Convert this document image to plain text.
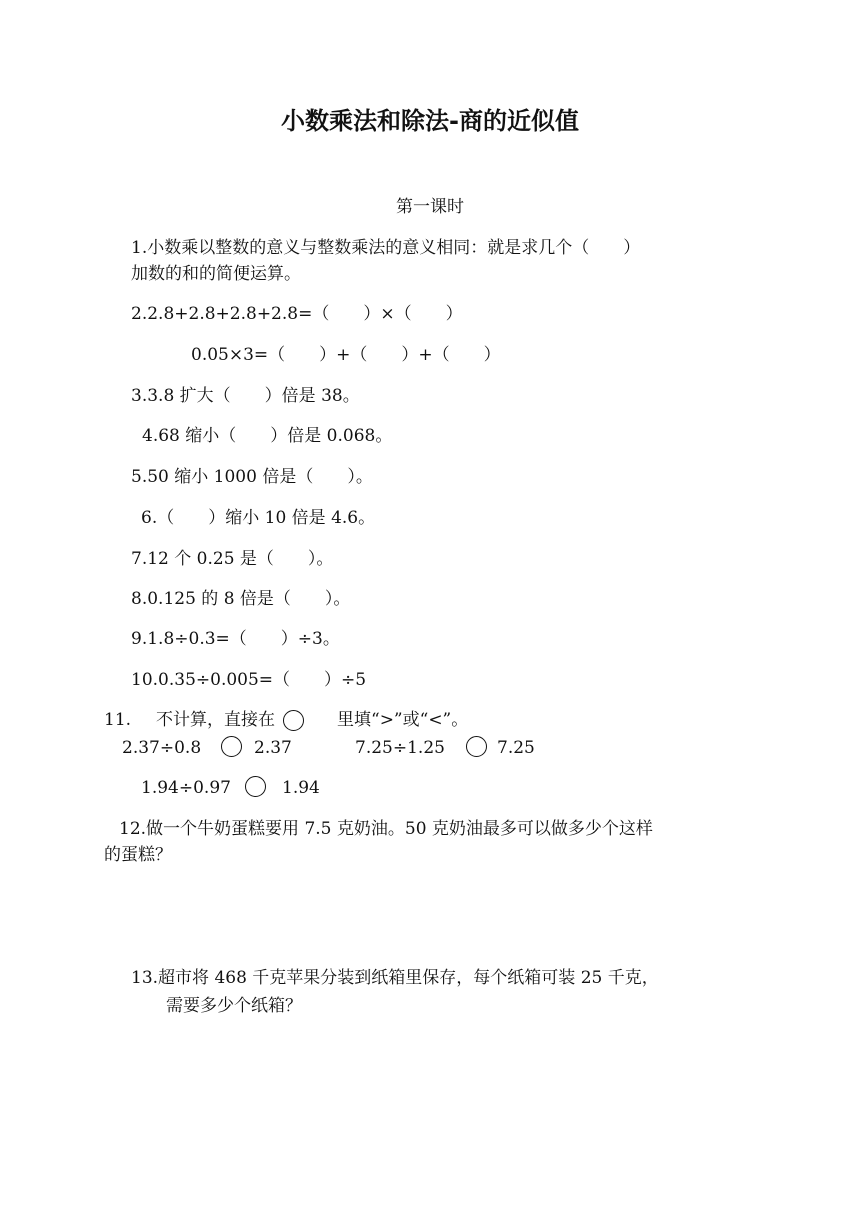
小数乘法和除法-商的近似值
第一课时
1.小数乘以整数的意义与整数乘法的意义相同：就是求几个（　　）
加数的和的简便运算。
2.2.8+2.8+2.8+2.8=（　　）×（　　）
0.05×3=（　　）+（　　）+（　　）
3.3.8 扩大（　　）倍是 38。
4.68 缩小（　　）倍是 0.068。
5.50 缩小 1000 倍是（　　）。
6.（　　）缩小 10 倍是 4.6。
7.12 个 0.25 是（　　）。
8.0.125 的 8 倍是（　　）。
9.1.8÷0.3=（　　）÷3。
10.0.35÷0.005=（　　）÷5
11. 不计算，直接在	里填“>”或“<”。
2.37÷0.8	2.37	7.25÷1.25	7.25
1.94÷0.97	1.94
12.做一个牛奶蛋糕要用 7.5 克奶油。50 克奶油最多可以做多少个这样
的蛋糕？
13.超市将 468 千克苹果分装到纸箱里保存，每个纸箱可装 25 千克，
需要多少个纸箱？
